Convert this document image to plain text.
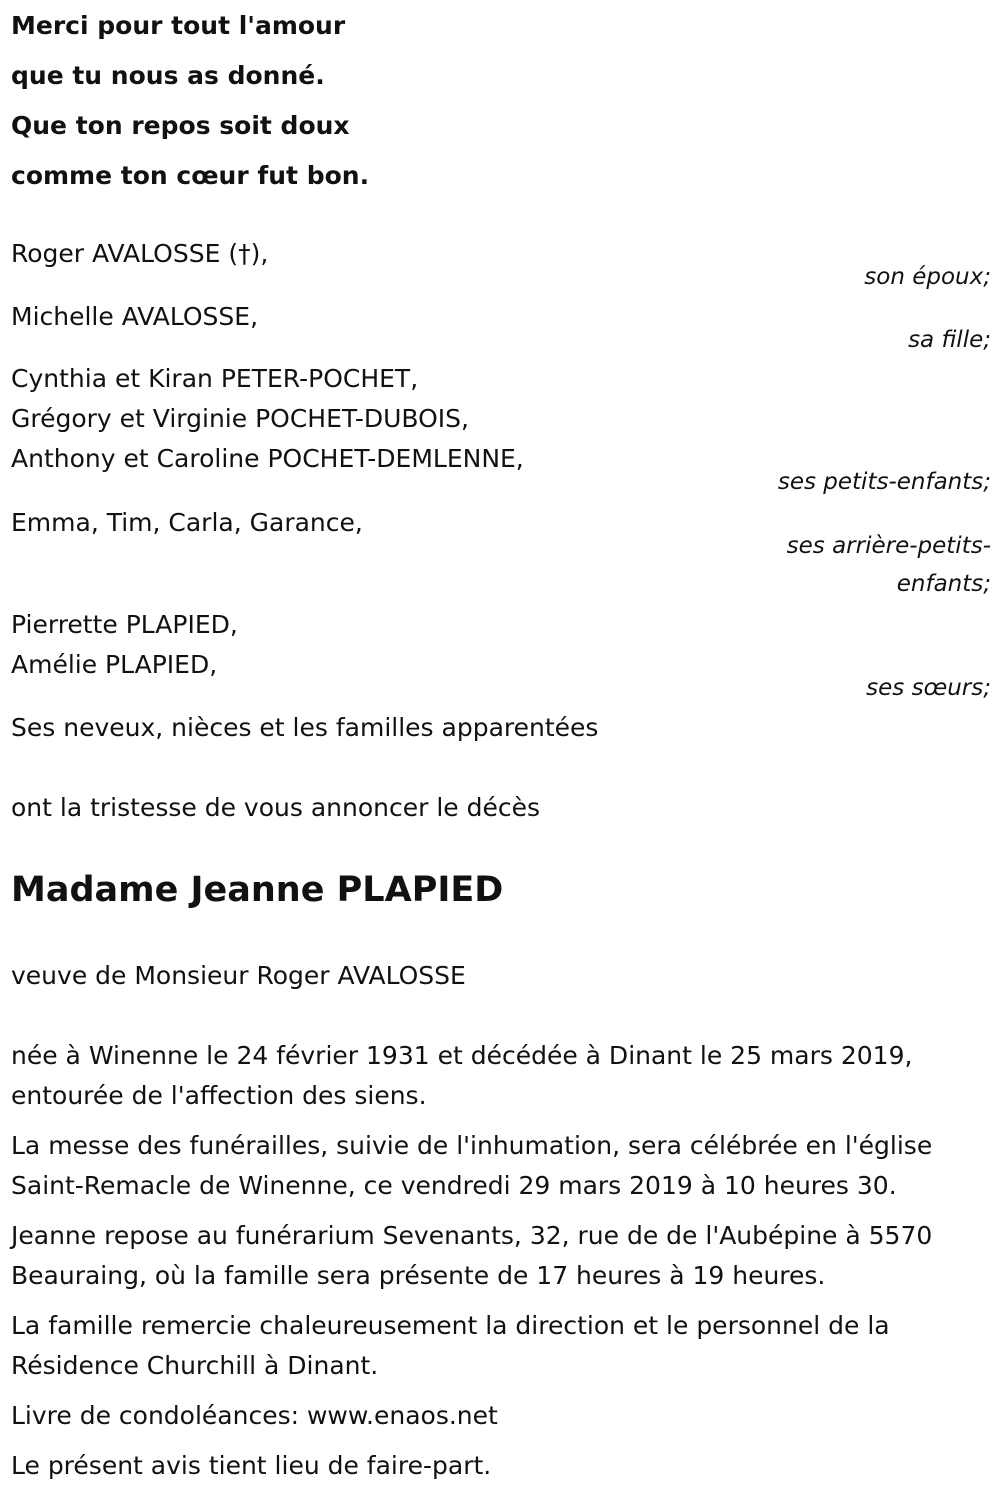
Merci pour tout l'amour
que tu nous as donné.
Que ton repos soit doux
comme ton cœur fut bon.
Roger AVALOSSE (†),
son époux;
Michelle AVALOSSE,
sa fille;
Cynthia et Kiran PETER-POCHET,
Grégory et Virginie POCHET-DUBOIS,
Anthony et Caroline POCHET-DEMLENNE,
ses petits-enfants;
Emma, Tim, Carla, Garance,
ses arrière-petits-
enfants;
Pierrette PLAPIED,
Amélie PLAPIED,
ses sœurs;
Ses neveux, nièces et les familles apparentées
ont la tristesse de vous annoncer le décès
Madame Jeanne PLAPIED
veuve de Monsieur Roger AVALOSSE
née à Winenne le 24 février 1931 et décédée à Dinant le 25 mars 2019, entourée de l'affection des siens.
La messe des funérailles, suivie de l'inhumation, sera célébrée en l'église Saint-Remacle de Winenne, ce vendredi 29 mars 2019 à 10 heures 30.
Jeanne repose au funérarium Sevenants, 32, rue de de l'Aubépine à 5570 Beauraing, où la famille sera présente de 17 heures à 19 heures.
La famille remercie chaleureusement la direction et le personnel de la Résidence Churchill à Dinant.
Livre de condoléances: www.enaos.net
Le présent avis tient lieu de faire-part.
